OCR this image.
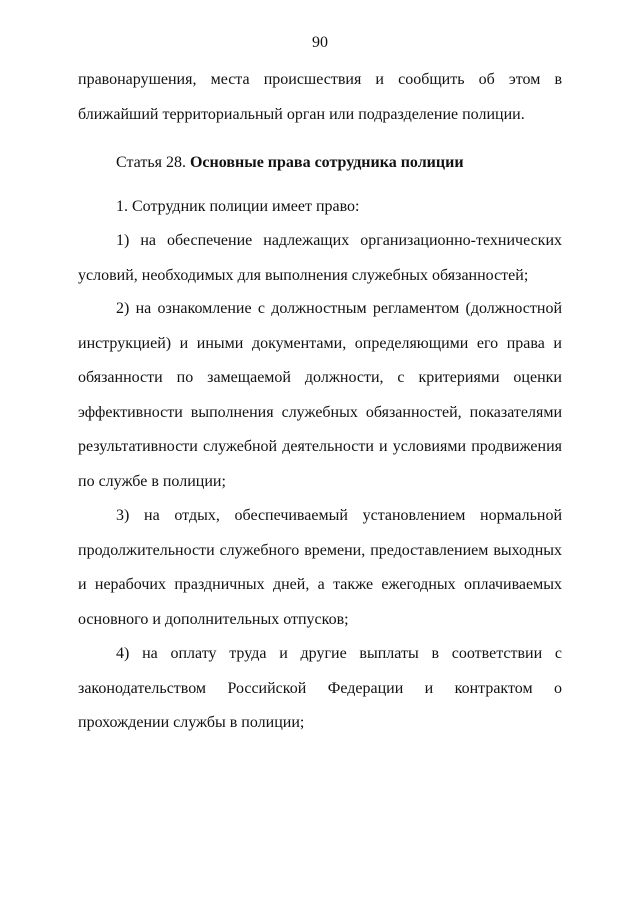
90

правонарушения, места происшествия и сообщить об этом в ближайший территориальный орган или подразделение полиции.

Статья 28. Основные права сотрудника полиции

1. Сотрудник полиции имеет право:

1) на обеспечение надлежащих организационно-технических условий, необходимых для выполнения служебных обязанностей;

2) на ознакомление с должностным регламентом (должностной инструкцией) и иными документами, определяющими его права и обязанности по замещаемой должности, с критериями оценки эффективности выполнения служебных обязанностей, показателями результативности служебной деятельности и условиями продвижения по службе в полиции;

3) на отдых, обеспечиваемый установлением нормальной продолжительности служебного времени, предоставлением выходных и нерабочих праздничных дней, а также ежегодных оплачиваемых основного и дополнительных отпусков;

4) на оплату труда и другие выплаты в соответствии с законодательством Российской Федерации и контрактом о прохождении службы в полиции;
